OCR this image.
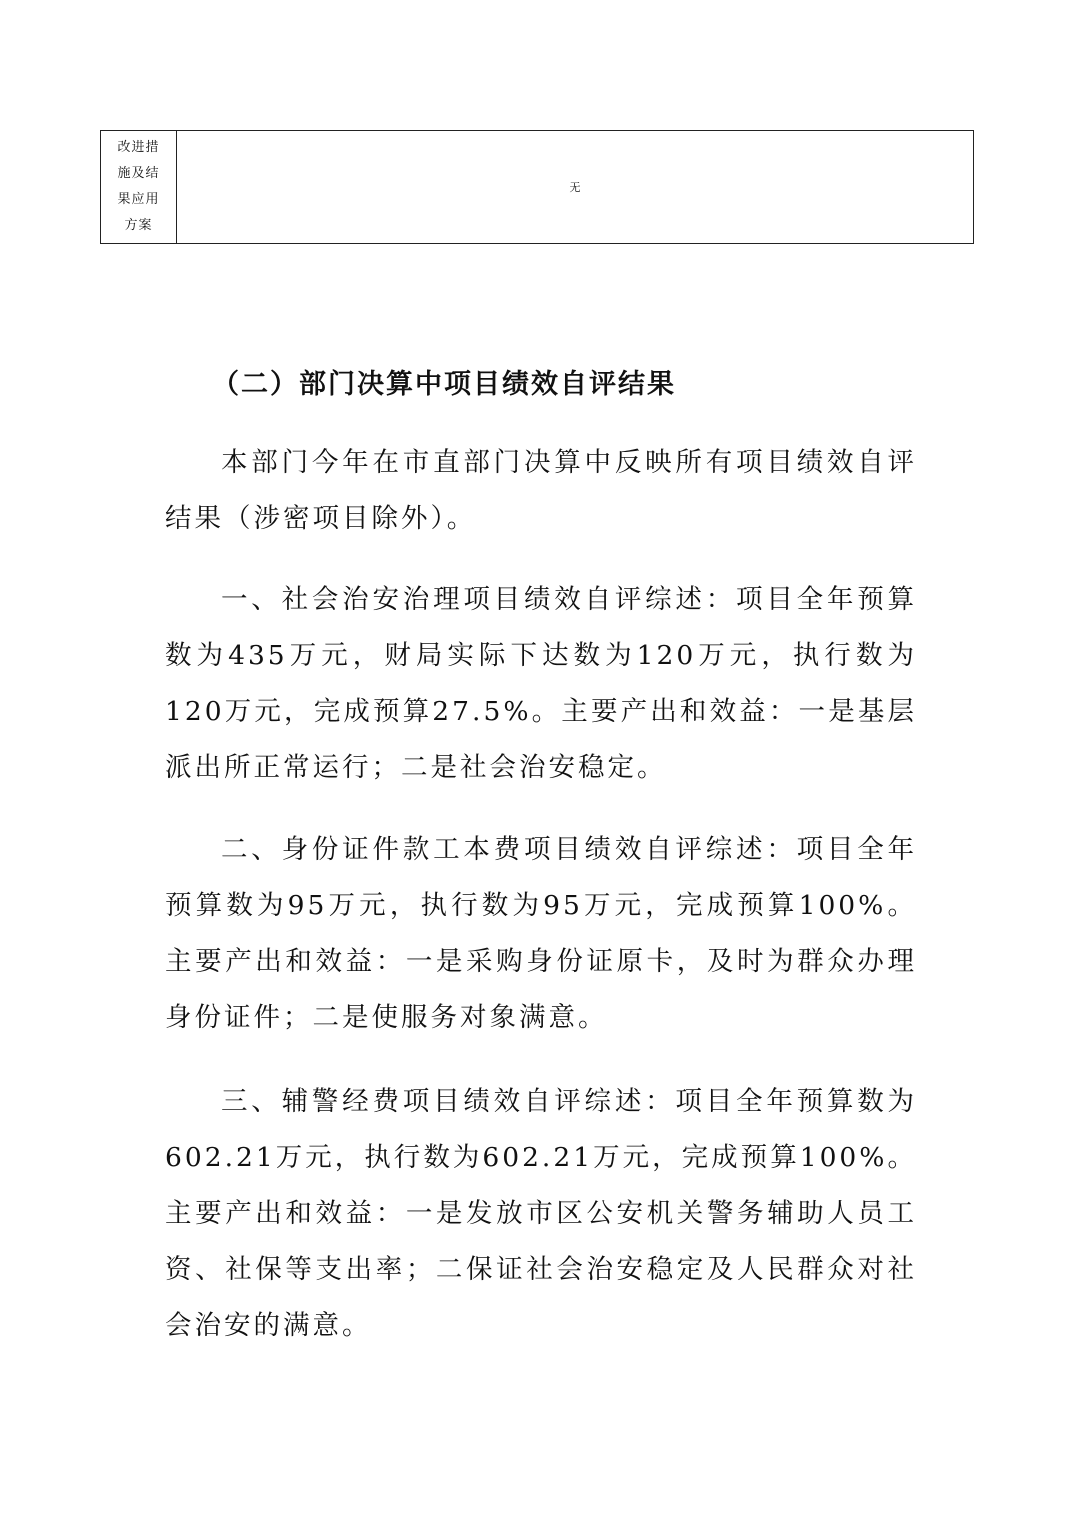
改进措
施及结
果应用
方案
无
（二）部门决算中项目绩效自评结果

本部门今年在市直部门决算中反映所有项目绩效自评结果（涉密项目除外）。

一、社会治安治理项目绩效自评综述：项目全年预算数为435万元，财局实际下达数为120万元，执行数为120万元，完成预算27.5%。主要产出和效益：一是基层派出所正常运行；二是社会治安稳定。

二、身份证件款工本费项目绩效自评综述：项目全年预算数为95万元，执行数为95万元，完成预算100%。主要产出和效益：一是采购身份证原卡，及时为群众办理身份证件；二是使服务对象满意。

三、辅警经费项目绩效自评综述：项目全年预算数为602.21万元，执行数为602.21万元，完成预算100%。主要产出和效益：一是发放市区公安机关警务辅助人员工资、社保等支出率；二保证社会治安稳定及人民群众对社会治安的满意。
